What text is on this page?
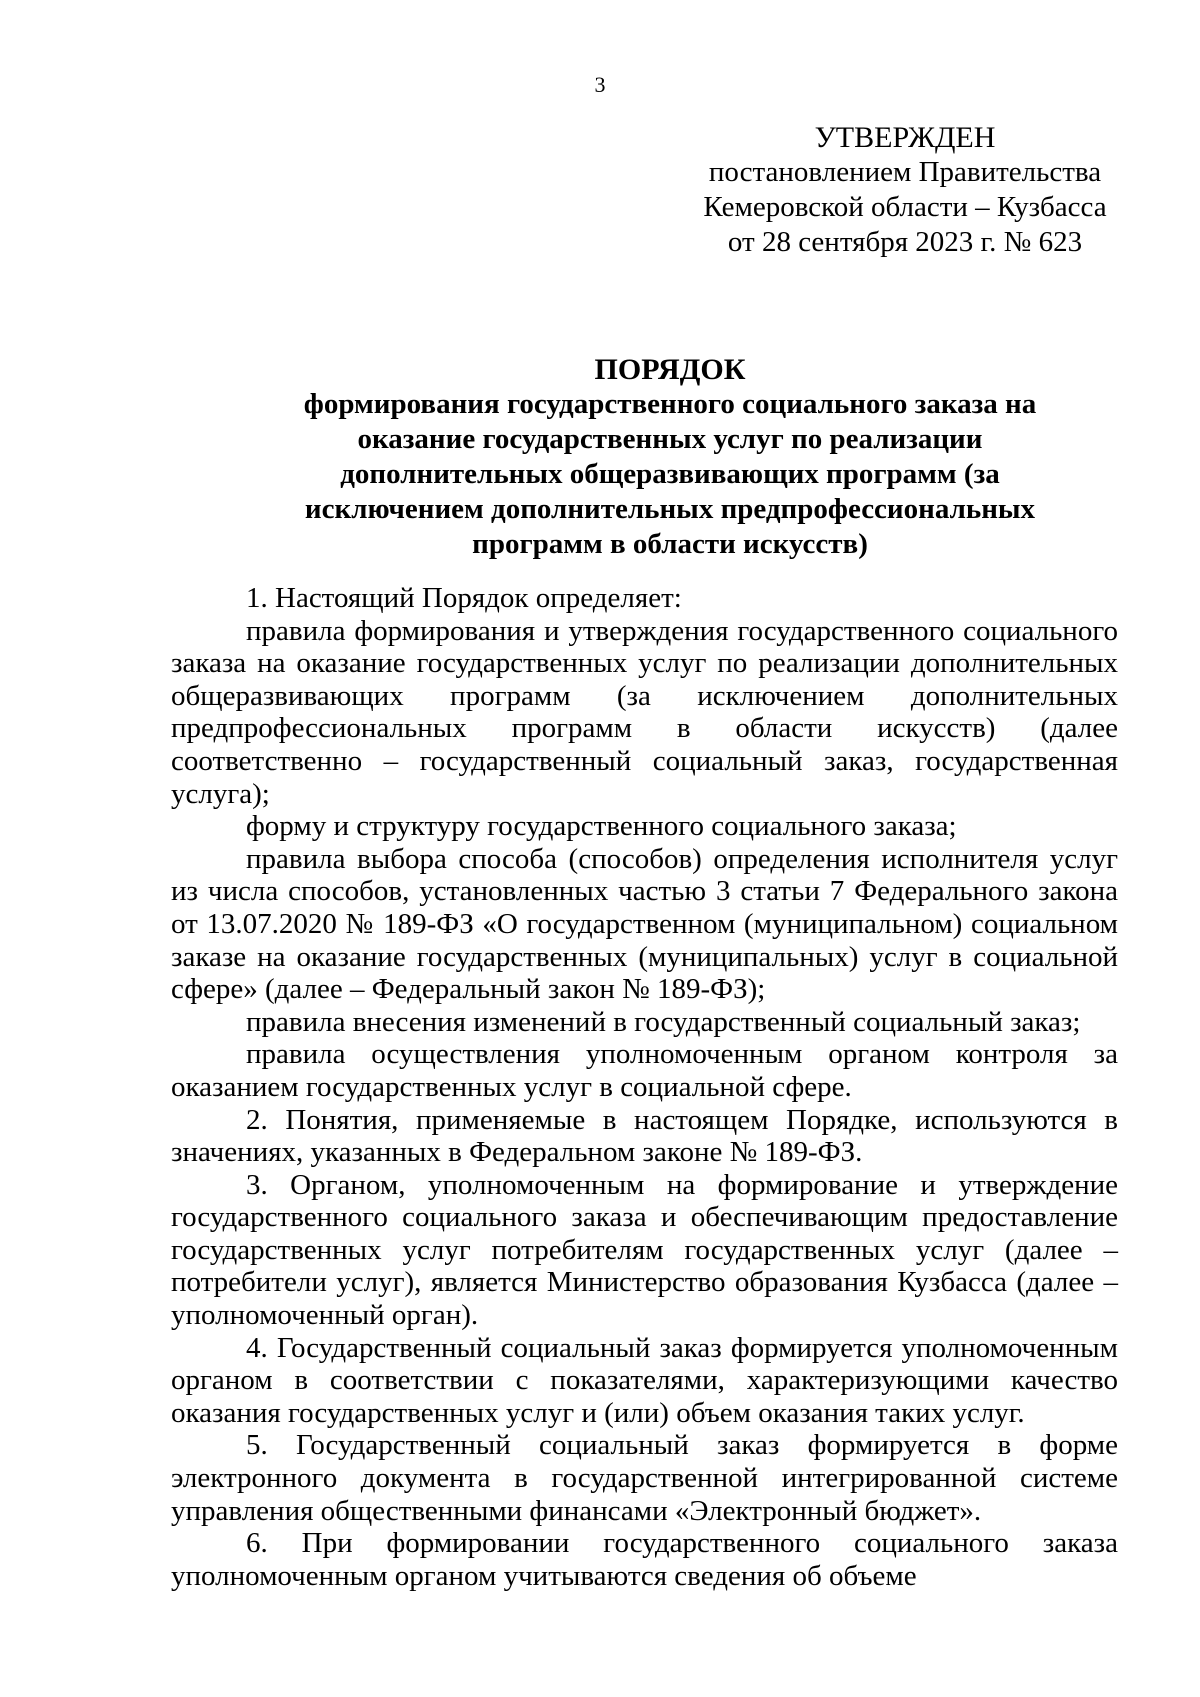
3
УТВЕРЖДЕН
постановлением Правительства
Кемеровской области – Кузбасса
от 28 сентября 2023 г. № 623
ПОРЯДОК
формирования государственного социального заказа на
оказание государственных услуг по реализации
дополнительных общеразвивающих программ (за
исключением дополнительных предпрофессиональных
программ в области искусств)

1. Настоящий Порядок определяет:

правила формирования и утверждения государственного социального заказа на оказание государственных услуг по реализации дополнительных общеразвивающих программ (за исключением дополнительных предпрофессиональных программ в области искусств) (далее соответственно – государственный социальный заказ, государственная услуга);

форму и структуру государственного социального заказа;

правила выбора способа (способов) определения исполнителя услуг из числа способов, установленных частью 3 статьи 7 Федерального закона от 13.07.2020 № 189-ФЗ «О государственном (муниципальном) социальном заказе на оказание государственных (муниципальных) услуг в социальной сфере» (далее – Федеральный закон № 189-ФЗ);

правила внесения изменений в государственный социальный заказ;

правила осуществления уполномоченным органом контроля за оказанием государственных услуг в социальной сфере.

2. Понятия, применяемые в настоящем Порядке, используются в значениях, указанных в Федеральном законе № 189-ФЗ.

3. Органом, уполномоченным на формирование и утверждение государственного социального заказа и обеспечивающим предоставление государственных услуг потребителям государственных услуг (далее – потребители услуг), является Министерство образования Кузбасса (далее – уполномоченный орган).

4. Государственный социальный заказ формируется уполномоченным органом в соответствии с показателями, характеризующими качество оказания государственных услуг и (или) объем оказания таких услуг.

5. Государственный социальный заказ формируется в форме электронного документа в государственной интегрированной системе управления общественными финансами «Электронный бюджет».

6. При формировании государственного социального заказа уполномоченным органом учитываются сведения об объеме
